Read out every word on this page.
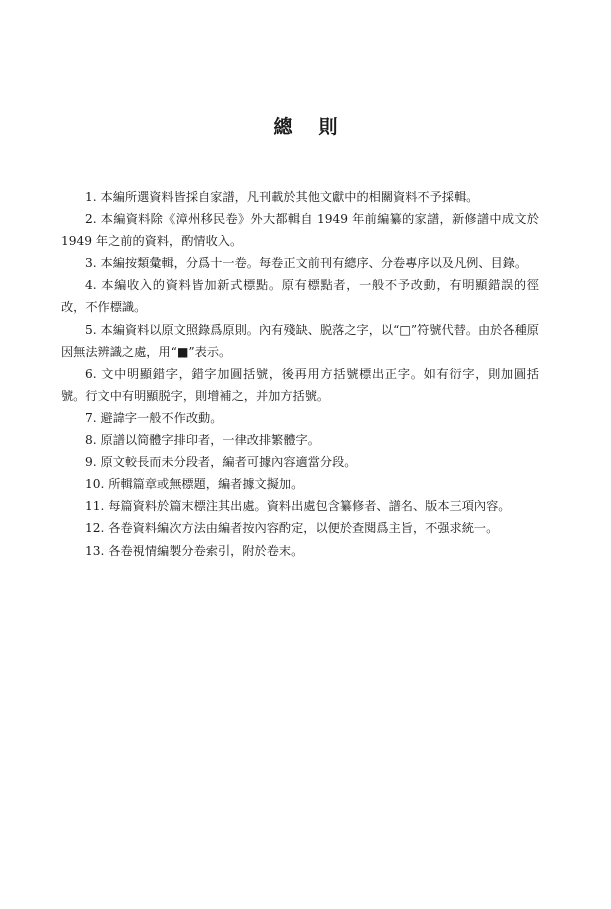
總則

1. 本編所選資料皆採自家譜，凡刊載於其他文獻中的相關資料不予採輯。

2. 本編資料除《漳州移民卷》外大都輯自 1949 年前編纂的家譜，新修譜中成文於 1949 年之前的資料，酌情收入。

3. 本編按類彙輯，分爲十一卷。每卷正文前刊有總序、分卷專序以及凡例、目錄。

4. 本編收入的資料皆加新式標點。原有標點者，一般不予改動，有明顯錯誤的徑改，不作標識。

5. 本編資料以原文照錄爲原則。內有殘缺、脱落之字，以“□”符號代替。由於各種原因無法辨識之處，用“■”表示。

6. 文中明顯錯字，錯字加圓括號，後再用方括號標出正字。如有衍字，則加圓括號。行文中有明顯脱字，則增補之，并加方括號。

7. 避諱字一般不作改動。

8. 原譜以简體字排印者，一律改排繁體字。

9. 原文較長而未分段者，編者可據內容適當分段。

10. 所輯篇章或無標題，編者據文擬加。

11. 每篇資料於篇末標注其出處。資料出處包含纂修者、譜名、版本三項內容。

12. 各卷資料編次方法由編者按內容酌定，以便於查閱爲主旨，不强求統一。

13. 各卷視情編製分卷索引，附於卷末。
